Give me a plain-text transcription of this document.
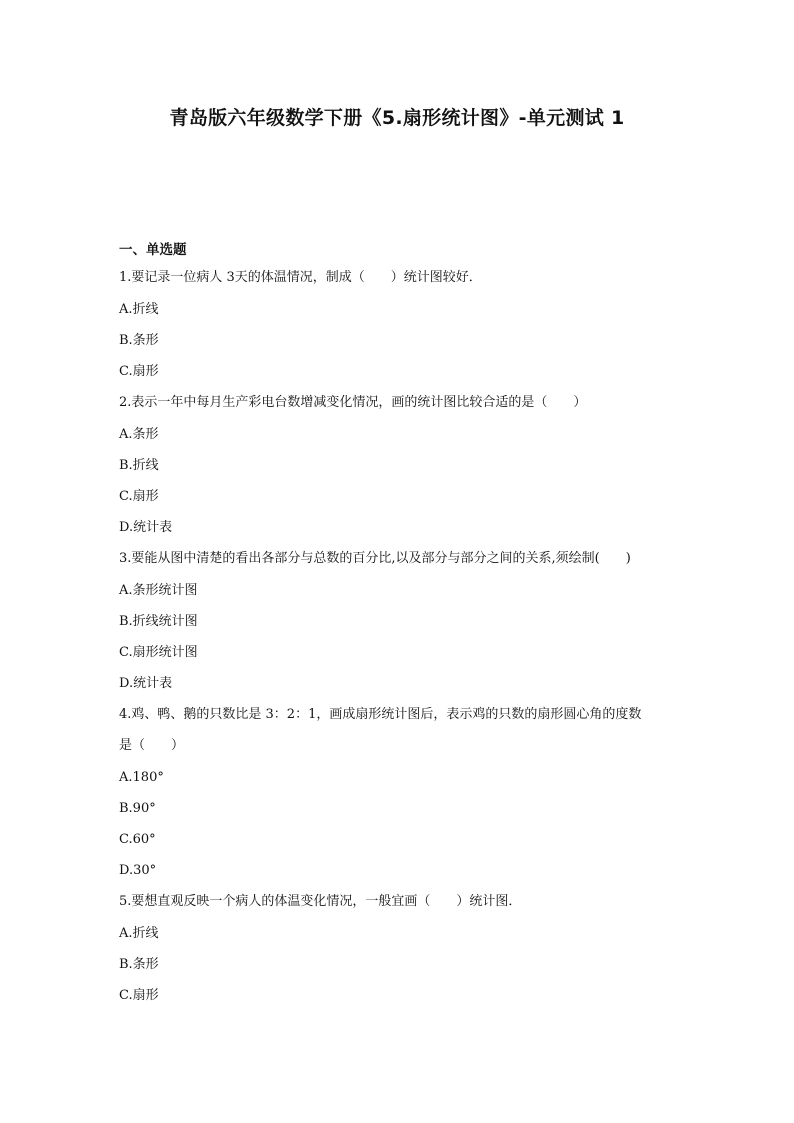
青岛版六年级数学下册《5.扇形统计图》-单元测试 1
一、单选题
1.要记录一位病人 3天的体温情况，制成（　　）统计图较好．
A.折线
B.条形
C.扇形
2.表示一年中每月生产彩电台数增减变化情况，画的统计图比较合适的是（　　）
A.条形
B.折线
C.扇形
D.统计表
3.要能从图中清楚的看出各部分与总数的百分比,以及部分与部分之间的关系,须绘制(　　)
A.条形统计图
B.折线统计图
C.扇形统计图
D.统计表
4.鸡、鸭、鹅的只数比是 3：2：1，画成扇形统计图后，表示鸡的只数的扇形圆心角的度数
是（　　）
A.180°
B.90°
C.60°
D.30°
5.要想直观反映一个病人的体温变化情况，一般宜画（　　）统计图．
A.折线
B.条形
C.扇形
